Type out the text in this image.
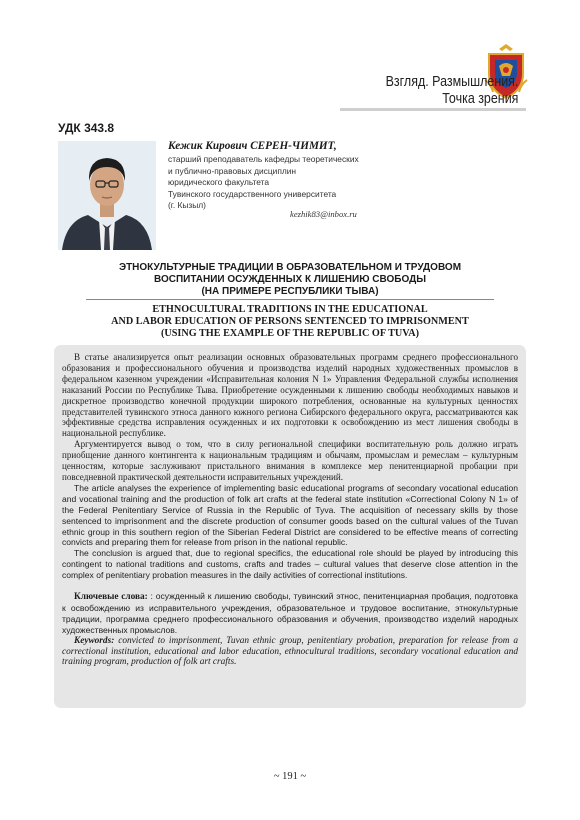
Взгляд. Размышления.
Точка зрения
УДК 343.8
Кежик Кирович СЕРЕН-ЧИМИТ,
старший преподаватель кафедры теоретических
и публично-правовых дисциплин
юридического факультета
Тувинского государственного университета
(г. Кызыл)
kezhik83@inbox.ru
ЭТНОКУЛЬТУРНЫЕ ТРАДИЦИИ В ОБРАЗОВАТЕЛЬНОМ И ТРУДОВОМ
ВОСПИТАНИИ ОСУЖДЕННЫХ К ЛИШЕНИЮ СВОБОДЫ
(НА ПРИМЕРЕ РЕСПУБЛИКИ ТЫВА)
ETHNOCULTURAL TRADITIONS IN THE EDUCATIONAL
AND LABOR EDUCATION OF PERSONS SENTENCED TO IMPRISONMENT
(USING THE EXAMPLE OF THE REPUBLIC OF TUVA)

В статье анализируется опыт реализации основных образовательных программ среднего профессионального образования и профессионального обучения и производства изделий народных художественных промыслов в федеральном казенном учреждении «Исправительная колония N 1» Управления Федеральной службы исполнения наказаний России по Республике Тыва. Приобретение осужденными к лишению свободы необходимых навыков и дискретное производство конечной продукции широкого потребления, основанные на культурных ценностях представителей тувинского этноса данного южного региона Сибирского федерального округа, рассматриваются как эффективные средства исправления осужденных и их подготовки к освобождению из мест лишения свободы в национальной республике.

Аргументируется вывод о том, что в силу региональной специфики воспитательную роль должно играть приобщение данного контингента к национальным традициям и обычаям, промыслам и ремеслам – культурным ценностям, которые заслуживают пристального внимания в комплексе мер пенитенциарной пробации при повседневной практической деятельности исправительных учреждений.

The article analyses the experience of implementing basic educational programs of secondary vocational education and vocational training and the production of folk art crafts at the federal state institution «Correctional Colony N 1» of the Federal Penitentiary Service of Russia in the Republic of Tyva. The acquisition of necessary skills by those sentenced to imprisonment and the discrete production of consumer goods based on the cultural values of the Tuvan ethnic group in this southern region of the Siberian Federal District are considered to be effective means of correcting convicts and preparing them for release from prison in the national republic.

The conclusion is argued that, due to regional specifics, the educational role should be played by introducing this contingent to national traditions and customs, crafts and trades – cultural values that deserve close attention in the complex of penitentiary probation measures in the daily activities of correctional institutions.

Ключевые слова: : осужденный к лишению свободы, тувинский этнос, пенитенциарная пробация, подготовка к освобождению из исправительного учреждения, образовательное и трудовое воспитание, этнокультурные традиции, программа среднего профессионального образования и обучения, производство изделий народных художественных промыслов.
Keywords: convicted to imprisonment, Tuvan ethnic group, penitentiary probation, preparation for release from a correctional institution, educational and labor education, ethnocultural traditions, secondary vocational education and training program, production of folk art crafts.
~ 191 ~
